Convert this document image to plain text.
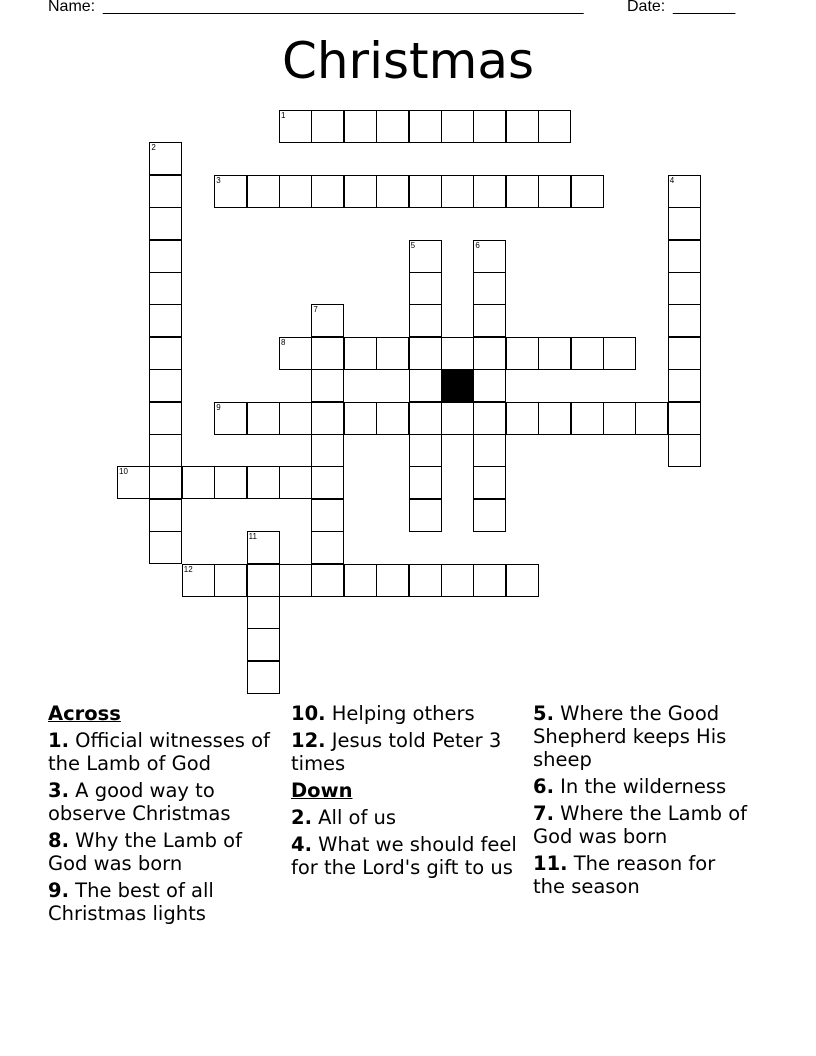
Name: ______________________________________________________	Date: _______
Christmas
1
2
3	4
5	6
7
8
9
10
11
12
Across
1. Official witnesses of the Lamb of God
3. A good way to observe Christmas
8. Why the Lamb of God was born
9. The best of all Christmas lights
10. Helping others
12. Jesus told Peter 3 times
Down
2. All of us
4. What we should feel for the Lord's gift to us
5. Where the Good Shepherd keeps His sheep
6. In the wilderness
7. Where the Lamb of God was born
11. The reason for the season
